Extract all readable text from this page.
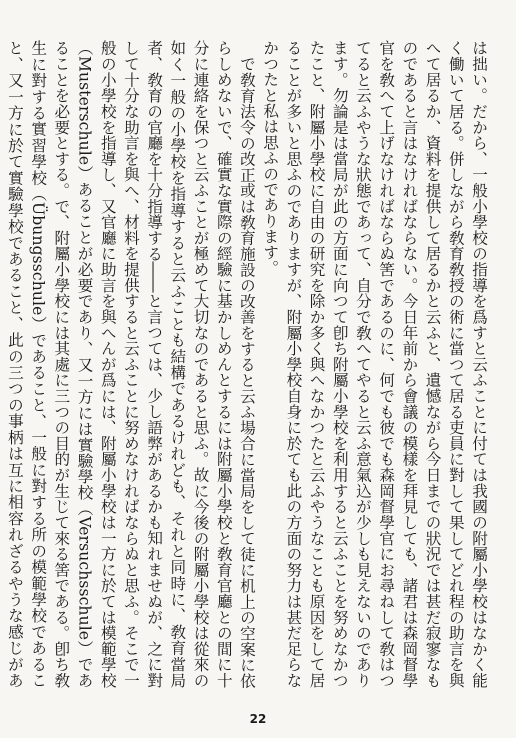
は拙い。だから、一般小學校の指導を爲すと云ふことに付ては我國の附屬小學校はなかく能く働いて居る。併しながら敎育敎授の術に當つて居る吏員に對して果してどれ程の助言を與へて居るか、資料を提供して居るかと云ふと、遺憾ながら今日までの狀況では甚だ寂寥なものであると言はなければならない。今日年前から會議の模樣を拜見しても、諸君は森岡督學官を敎へて上げなければならぬ筈であるのに、何でも彼でも森岡督學官にお尋ねして敎はつてると云ふやうな狀態であって、自分で敎へてやると云ふ意氣込が少しも見えないのであります。勿論是は當局が此の方面に向つて卽ち附屬小學校を利用すると云ふことを努めなかつたこと、附屬小學校に自由の研究を除か多く與へなかつたと云ふやうなことも原因をして居ることが多いと思ふのでありますが、附屬小學校自身に於ても此の方面の努力は甚だ足らなかつたと私は思ふのであります。

で敎育法令の改正或は敎育施設の改善をすると云ふ場合に當局をして徒に机上の空案に依らしめないで、確實な實際の經驗に基かしめんとするには附屬小學校と敎育官廳との間に十分に連絡を保つと云ふことが極めて大切なのであると思ふ。故に今後の附屬小學校は從來の如く一般の小學校を指導すると云ふことも結構であるけれども、それと同時に、敎育當局者、敎育の官廳を十分指導する――と言つては、少し語弊があるかも知れませぬが、之に對して十分な助言を與へ、材料を提供すると云ふことに努めなければならぬと思ふ。そこで一般の小學校を指導し、又官廳に助言を與へんが爲には、附屬小學校は一方に於ては模範學校（Musterschule）あることが必要であり、又一方には實驗學校（Versuchsschule）であることを必要とする。で、附屬小學校には其處に三つの目的が生じて來る筈である。卽ち敎生に對する實習學校（Übungsschule）であること、一般に對する所の模範學校であること、又一方に於て實驗學校であること、此の三つの事柄は互に相容れざるやうな感じがあ

22
